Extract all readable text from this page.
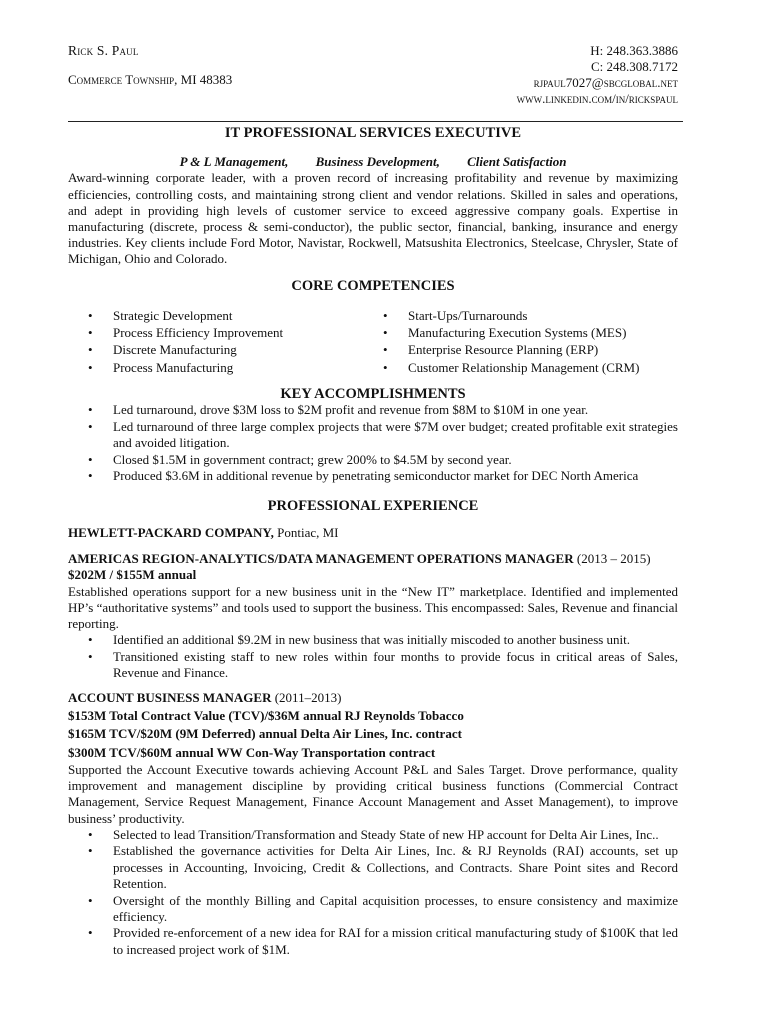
Rick S. Paul
Commerce Township, MI 48383
H: 248.363.3886
C: 248.308.7172
rjpaul7027@sbcglobal.net
www.linkedin.com/in/rickspaul
IT PROFESSIONAL SERVICES EXECUTIVE
P & L Management, Business Development, Client Satisfaction
Award-winning corporate leader, with a proven record of increasing profitability and revenue by maximizing efficiencies, controlling costs, and maintaining strong client and vendor relations. Skilled in sales and operations, and adept in providing high levels of customer service to exceed aggressive company goals. Expertise in manufacturing (discrete, process & semi-conductor), the public sector, financial, banking, insurance and energy industries. Key clients include Ford Motor, Navistar, Rockwell, Matsushita Electronics, Steelcase, Chrysler, State of Michigan, Ohio and Colorado.
CORE COMPETENCIES
• Strategic Development
• Process Efficiency Improvement
• Discrete Manufacturing
• Process Manufacturing
• Start-Ups/Turnarounds
• Manufacturing Execution Systems (MES)
• Enterprise Resource Planning (ERP)
• Customer Relationship Management (CRM)
KEY ACCOMPLISHMENTS
• Led turnaround, drove $3M loss to $2M profit and revenue from $8M to $10M in one year.
• Led turnaround of three large complex projects that were $7M over budget; created profitable exit strategies and avoided litigation.
• Closed $1.5M in government contract; grew 200% to $4.5M by second year.
• Produced $3.6M in additional revenue by penetrating semiconductor market for DEC North America
PROFESSIONAL EXPERIENCE
HEWLETT-PACKARD COMPANY, Pontiac, MI
AMERICAS REGION-ANALYTICS/DATA MANAGEMENT OPERATIONS MANAGER (2013 – 2015)
$202M / $155M annual
Established operations support for a new business unit in the “New IT” marketplace. Identified and implemented HP’s “authoritative systems” and tools used to support the business. This encompassed: Sales, Revenue and financial reporting.
• Identified an additional $9.2M in new business that was initially miscoded to another business unit.
• Transitioned existing staff to new roles within four months to provide focus in critical areas of Sales, Revenue and Finance.
ACCOUNT BUSINESS MANAGER (2011–2013)
$153M Total Contract Value (TCV)/$36M annual RJ Reynolds Tobacco
$165M TCV/$20M (9M Deferred) annual Delta Air Lines, Inc. contract
$300M TCV/$60M annual WW Con-Way Transportation contract
Supported the Account Executive towards achieving Account P&L and Sales Target. Drove performance, quality improvement and management discipline by providing critical business functions (Commercial Contract Management, Service Request Management, Finance Account Management and Asset Management), to improve business’ productivity.
• Selected to lead Transition/Transformation and Steady State of new HP account for Delta Air Lines, Inc..
• Established the governance activities for Delta Air Lines, Inc. & RJ Reynolds (RAI) accounts, set up processes in Accounting, Invoicing, Credit & Collections, and Contracts. Share Point sites and Record Retention.
• Oversight of the monthly Billing and Capital acquisition processes, to ensure consistency and maximize efficiency.
• Provided re-enforcement of a new idea for RAI for a mission critical manufacturing study of $100K that led to increased project work of $1M.
